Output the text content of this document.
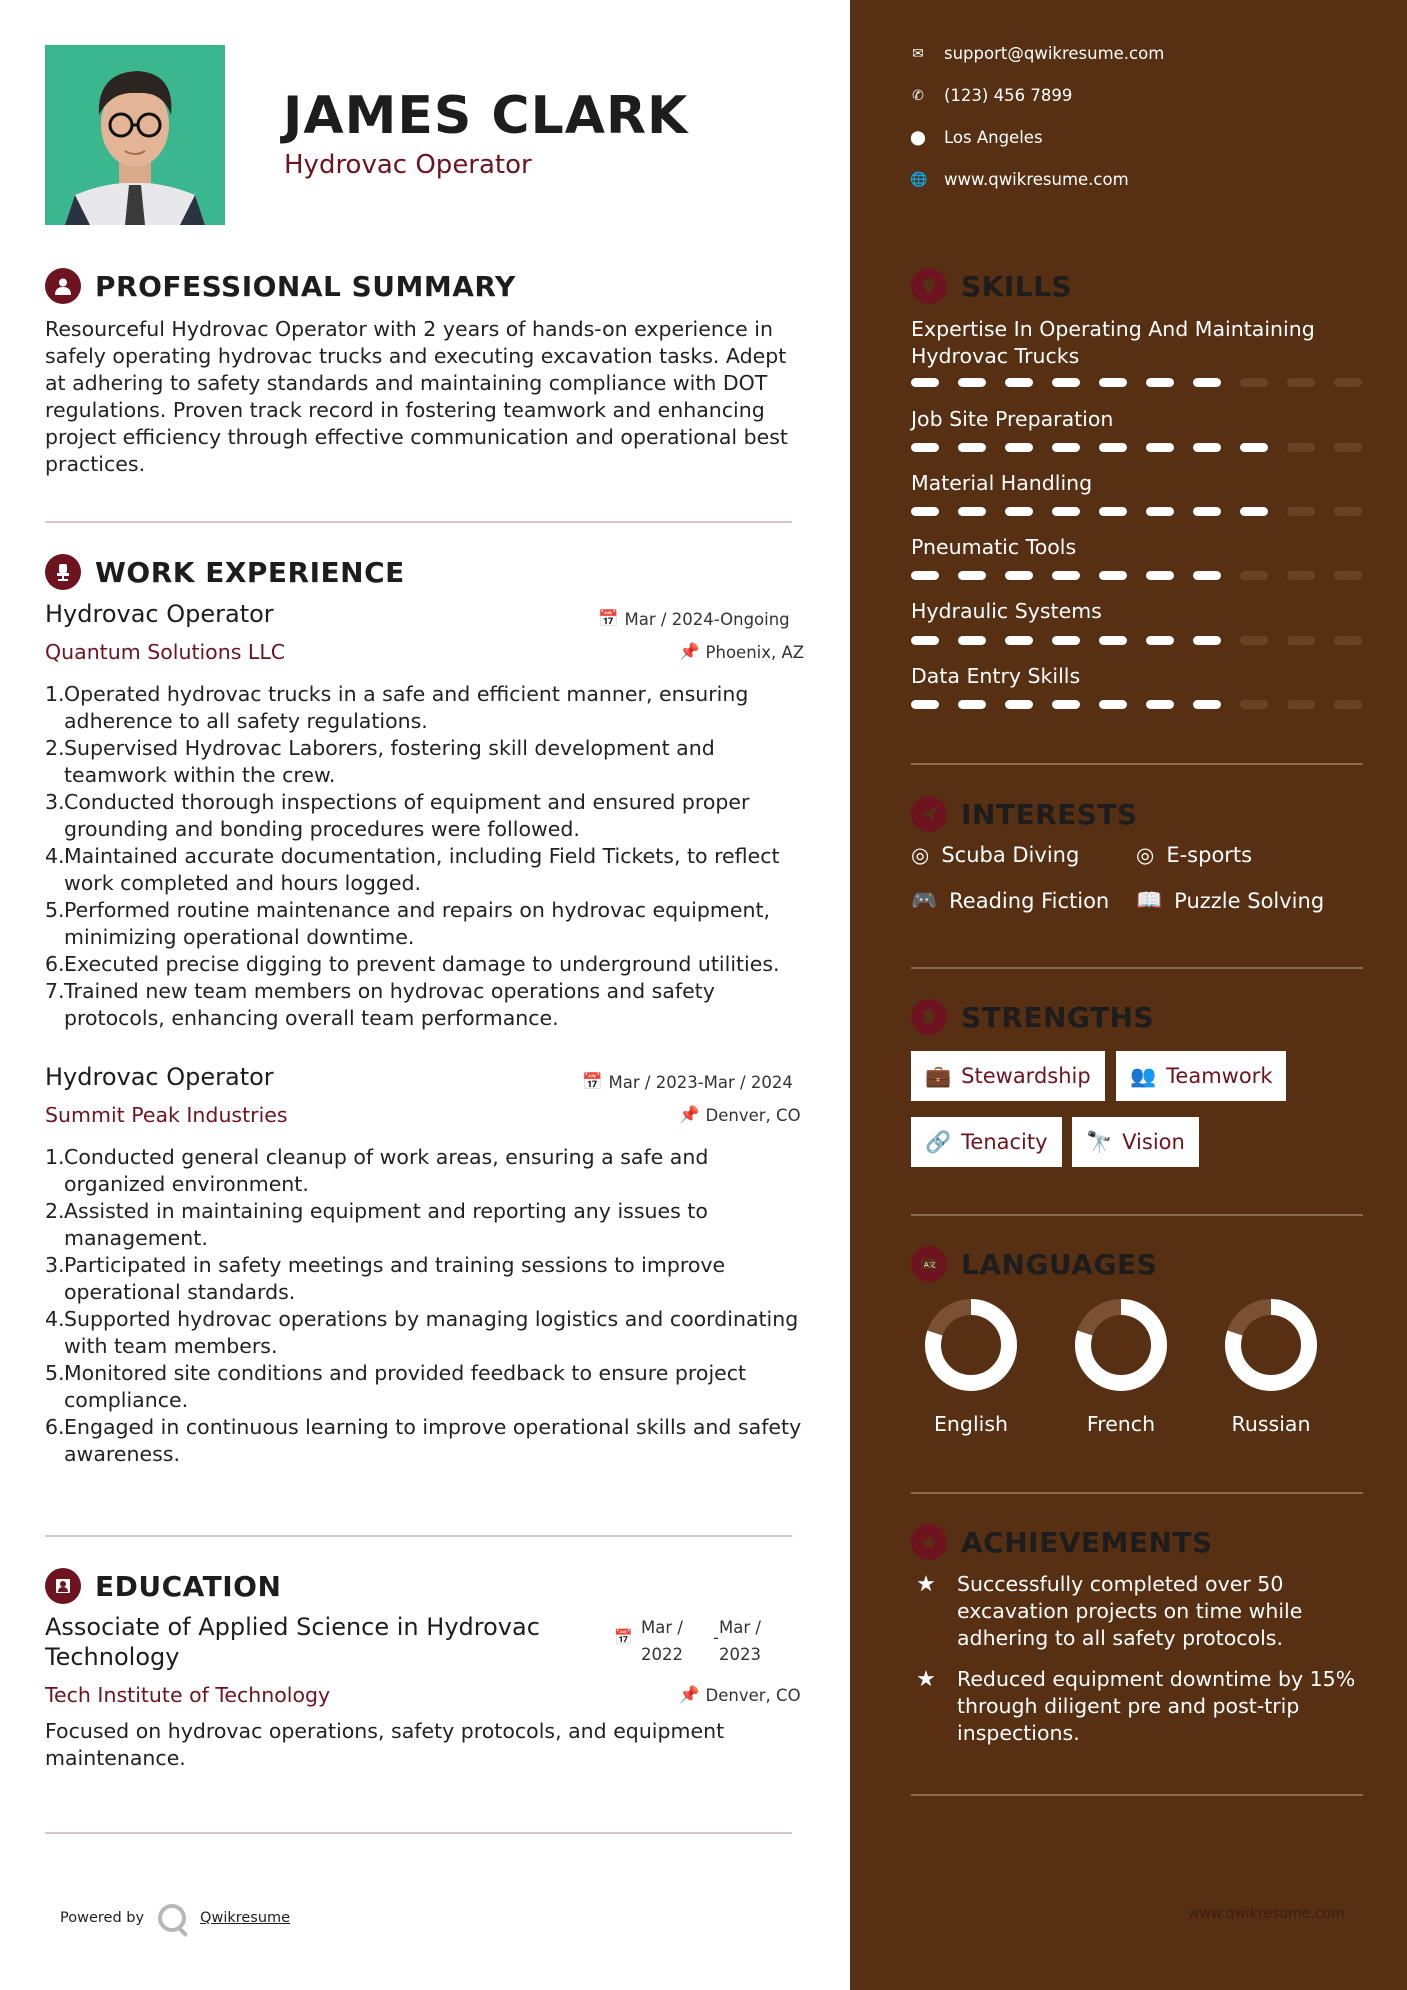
JAMES CLARK
Hydrovac Operator
PROFESSIONAL SUMMARY
Resourceful Hydrovac Operator with 2 years of hands-on experience in safely operating hydrovac trucks and executing excavation tasks. Adept at adhering to safety standards and maintaining compliance with DOT regulations. Proven track record in fostering teamwork and enhancing project efficiency through effective communication and operational best practices.
WORK EXPERIENCE
Hydrovac Operator	📅 Mar / 2024-Ongoing
Quantum Solutions LLC	📌 Phoenix, AZ
1. Operated hydrovac trucks in a safe and efficient manner, ensuring adherence to all safety regulations.
2. Supervised Hydrovac Laborers, fostering skill development and teamwork within the crew.
3. Conducted thorough inspections of equipment and ensured proper grounding and bonding procedures were followed.
4. Maintained accurate documentation, including Field Tickets, to reflect work completed and hours logged.
5. Performed routine maintenance and repairs on hydrovac equipment, minimizing operational downtime.
6. Executed precise digging to prevent damage to underground utilities.
7. Trained new team members on hydrovac operations and safety protocols, enhancing overall team performance.
Hydrovac Operator	📅 Mar / 2023-Mar / 2024
Summit Peak Industries	📌 Denver, CO
1. Conducted general cleanup of work areas, ensuring a safe and organized environment.
2. Assisted in maintaining equipment and reporting any issues to management.
3. Participated in safety meetings and training sessions to improve operational standards.
4. Supported hydrovac operations by managing logistics and coordinating with team members.
5. Monitored site conditions and provided feedback to ensure project compliance.
6. Engaged in continuous learning to improve operational skills and safety awareness.
EDUCATION
Associate of Applied Science in Hydrovac Technology
📅 Mar / 2022
-
Mar / 2023
Tech Institute of Technology	📌 Denver, CO
Focused on hydrovac operations, safety protocols, and equipment maintenance.
Powered by	Qwikresume	www.qwikresume.com
✉ support@qwikresume.com
✆ (123) 456 7899
⬤ Los Angeles
🌐 www.qwikresume.com
SKILLS
Expertise In Operating And Maintaining Hydrovac Trucks
Job Site Preparation
Material Handling
Pneumatic Tools
Hydraulic Systems
Data Entry Skills
INTERESTS
◎ Scuba Diving	◎ E-sports
🎮 Reading Fiction 📖 Puzzle Solving
STRENGTHS
💼 Stewardship 👥 Teamwork
🔗 Tenacity 🔭 Vision
A文 LANGUAGES
English	French	Russian
ACHIEVEMENTS
★ Successfully completed over 50 excavation projects on time while adhering to all safety protocols.
★ Reduced equipment downtime by 15% through diligent pre and post-trip inspections.
